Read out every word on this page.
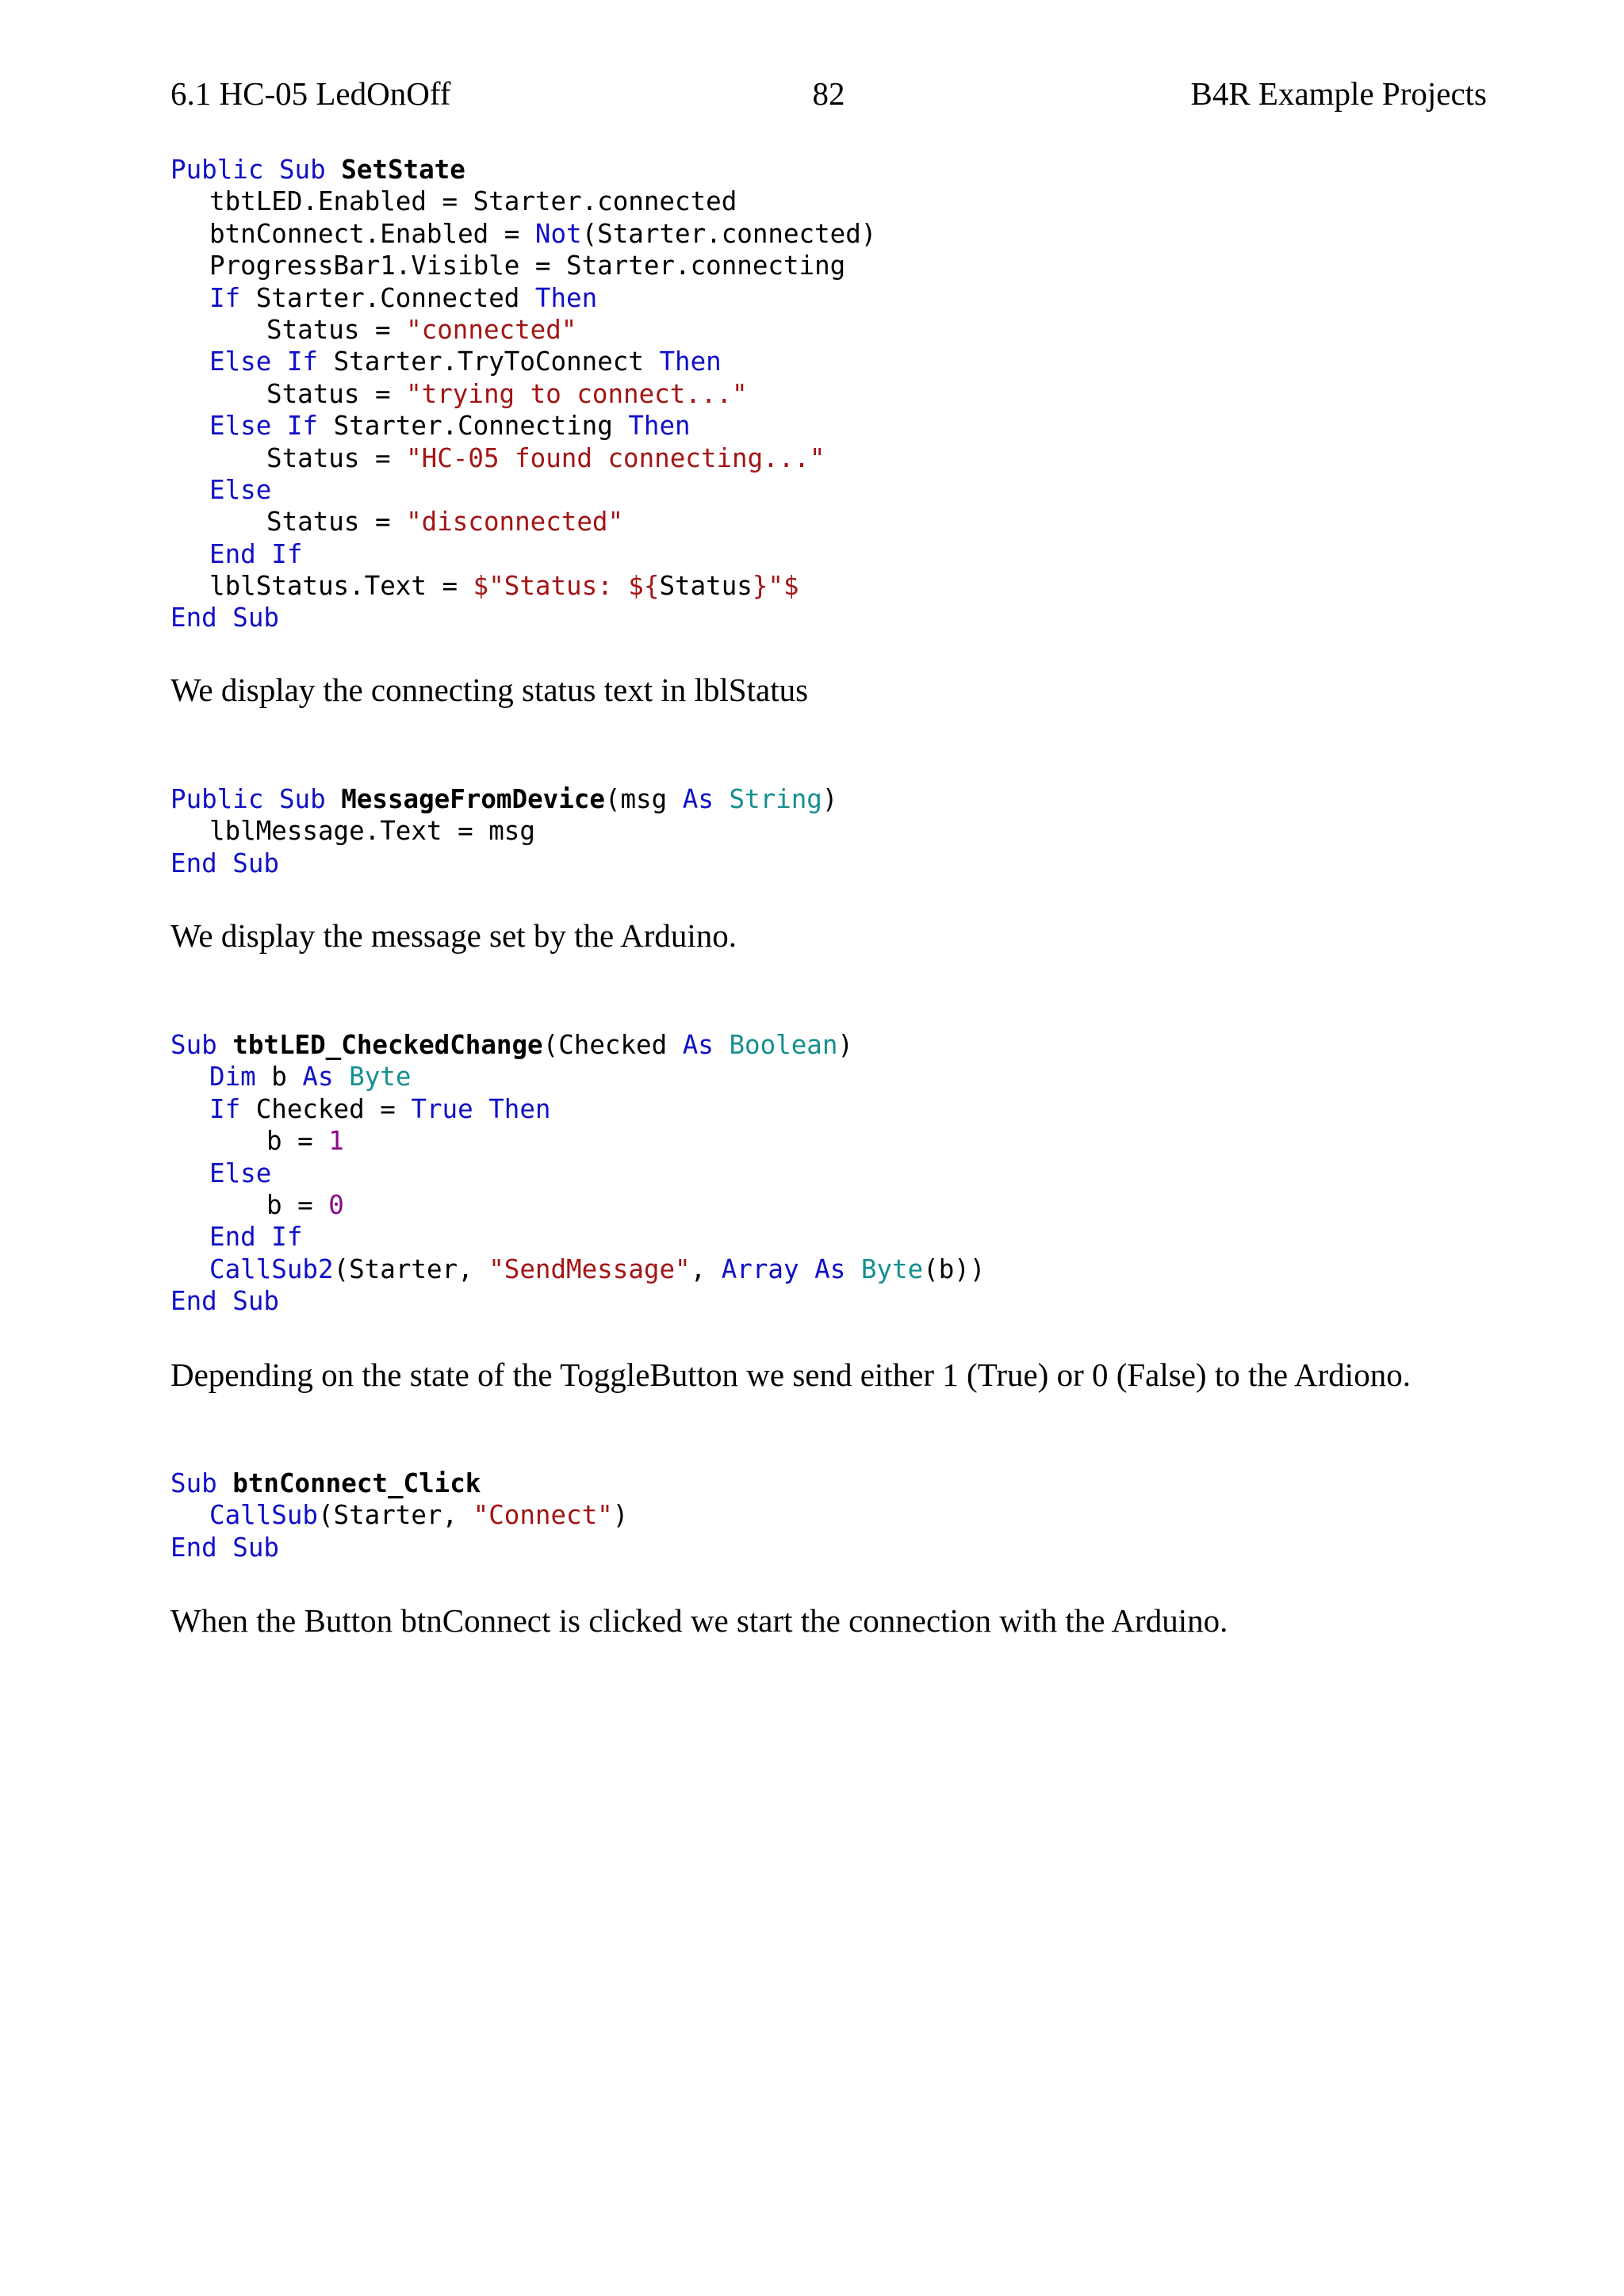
6.1 HC-05 LedOnOff	82	B4R Example Projects
Public Sub SetState
tbtLED.Enabled = Starter.connected
btnConnect.Enabled = Not(Starter.connected)
ProgressBar1.Visible = Starter.connecting
If Starter.Connected Then
Status = "connected"
Else If Starter.TryToConnect Then
Status = "trying to connect..."
Else If Starter.Connecting Then
Status = "HC-05 found connecting..."
Else
Status = "disconnected"
End If
lblStatus.Text = $"Status: ${Status}"$
End Sub

We display the connecting status text in lblStatus

Public Sub MessageFromDevice(msg As String)
lblMessage.Text = msg
End Sub

We display the message set by the Arduino.

Sub tbtLED_CheckedChange(Checked As Boolean)
Dim b As Byte
If Checked = True Then
b = 1
Else
b = 0
End If
CallSub2(Starter, "SendMessage", Array As Byte(b))
End Sub

Depending on the state of the ToggleButton we send either 1 (True) or 0 (False) to the Ardiono.

Sub btnConnect_Click
CallSub(Starter, "Connect")
End Sub

When the Button btnConnect is clicked we start the connection with the Arduino.
